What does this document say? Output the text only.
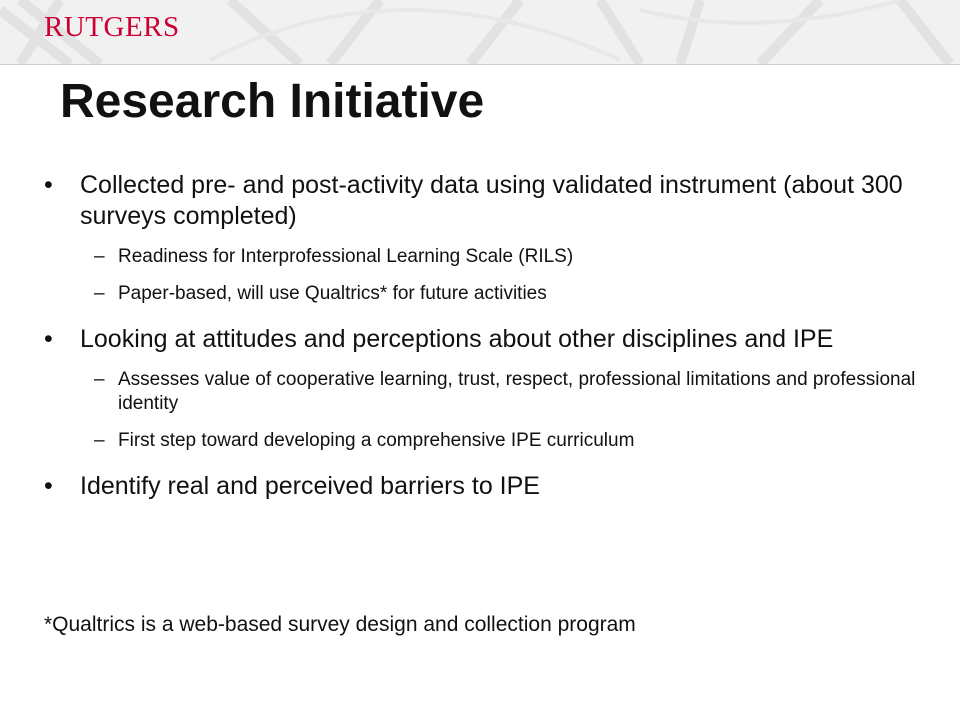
RUTGERS
Research Initiative
• Collected pre- and post-activity data using validated instrument (about 300 surveys completed)
– Readiness for Interprofessional Learning Scale (RILS)
– Paper-based, will use Qualtrics* for future activities
• Looking at attitudes and perceptions about other disciplines and IPE
– Assesses value of cooperative learning, trust, respect, professional limitations and professional identity
– First step toward developing a comprehensive IPE curriculum
• Identify real and perceived barriers to IPE
*Qualtrics is a web-based survey design and collection program
